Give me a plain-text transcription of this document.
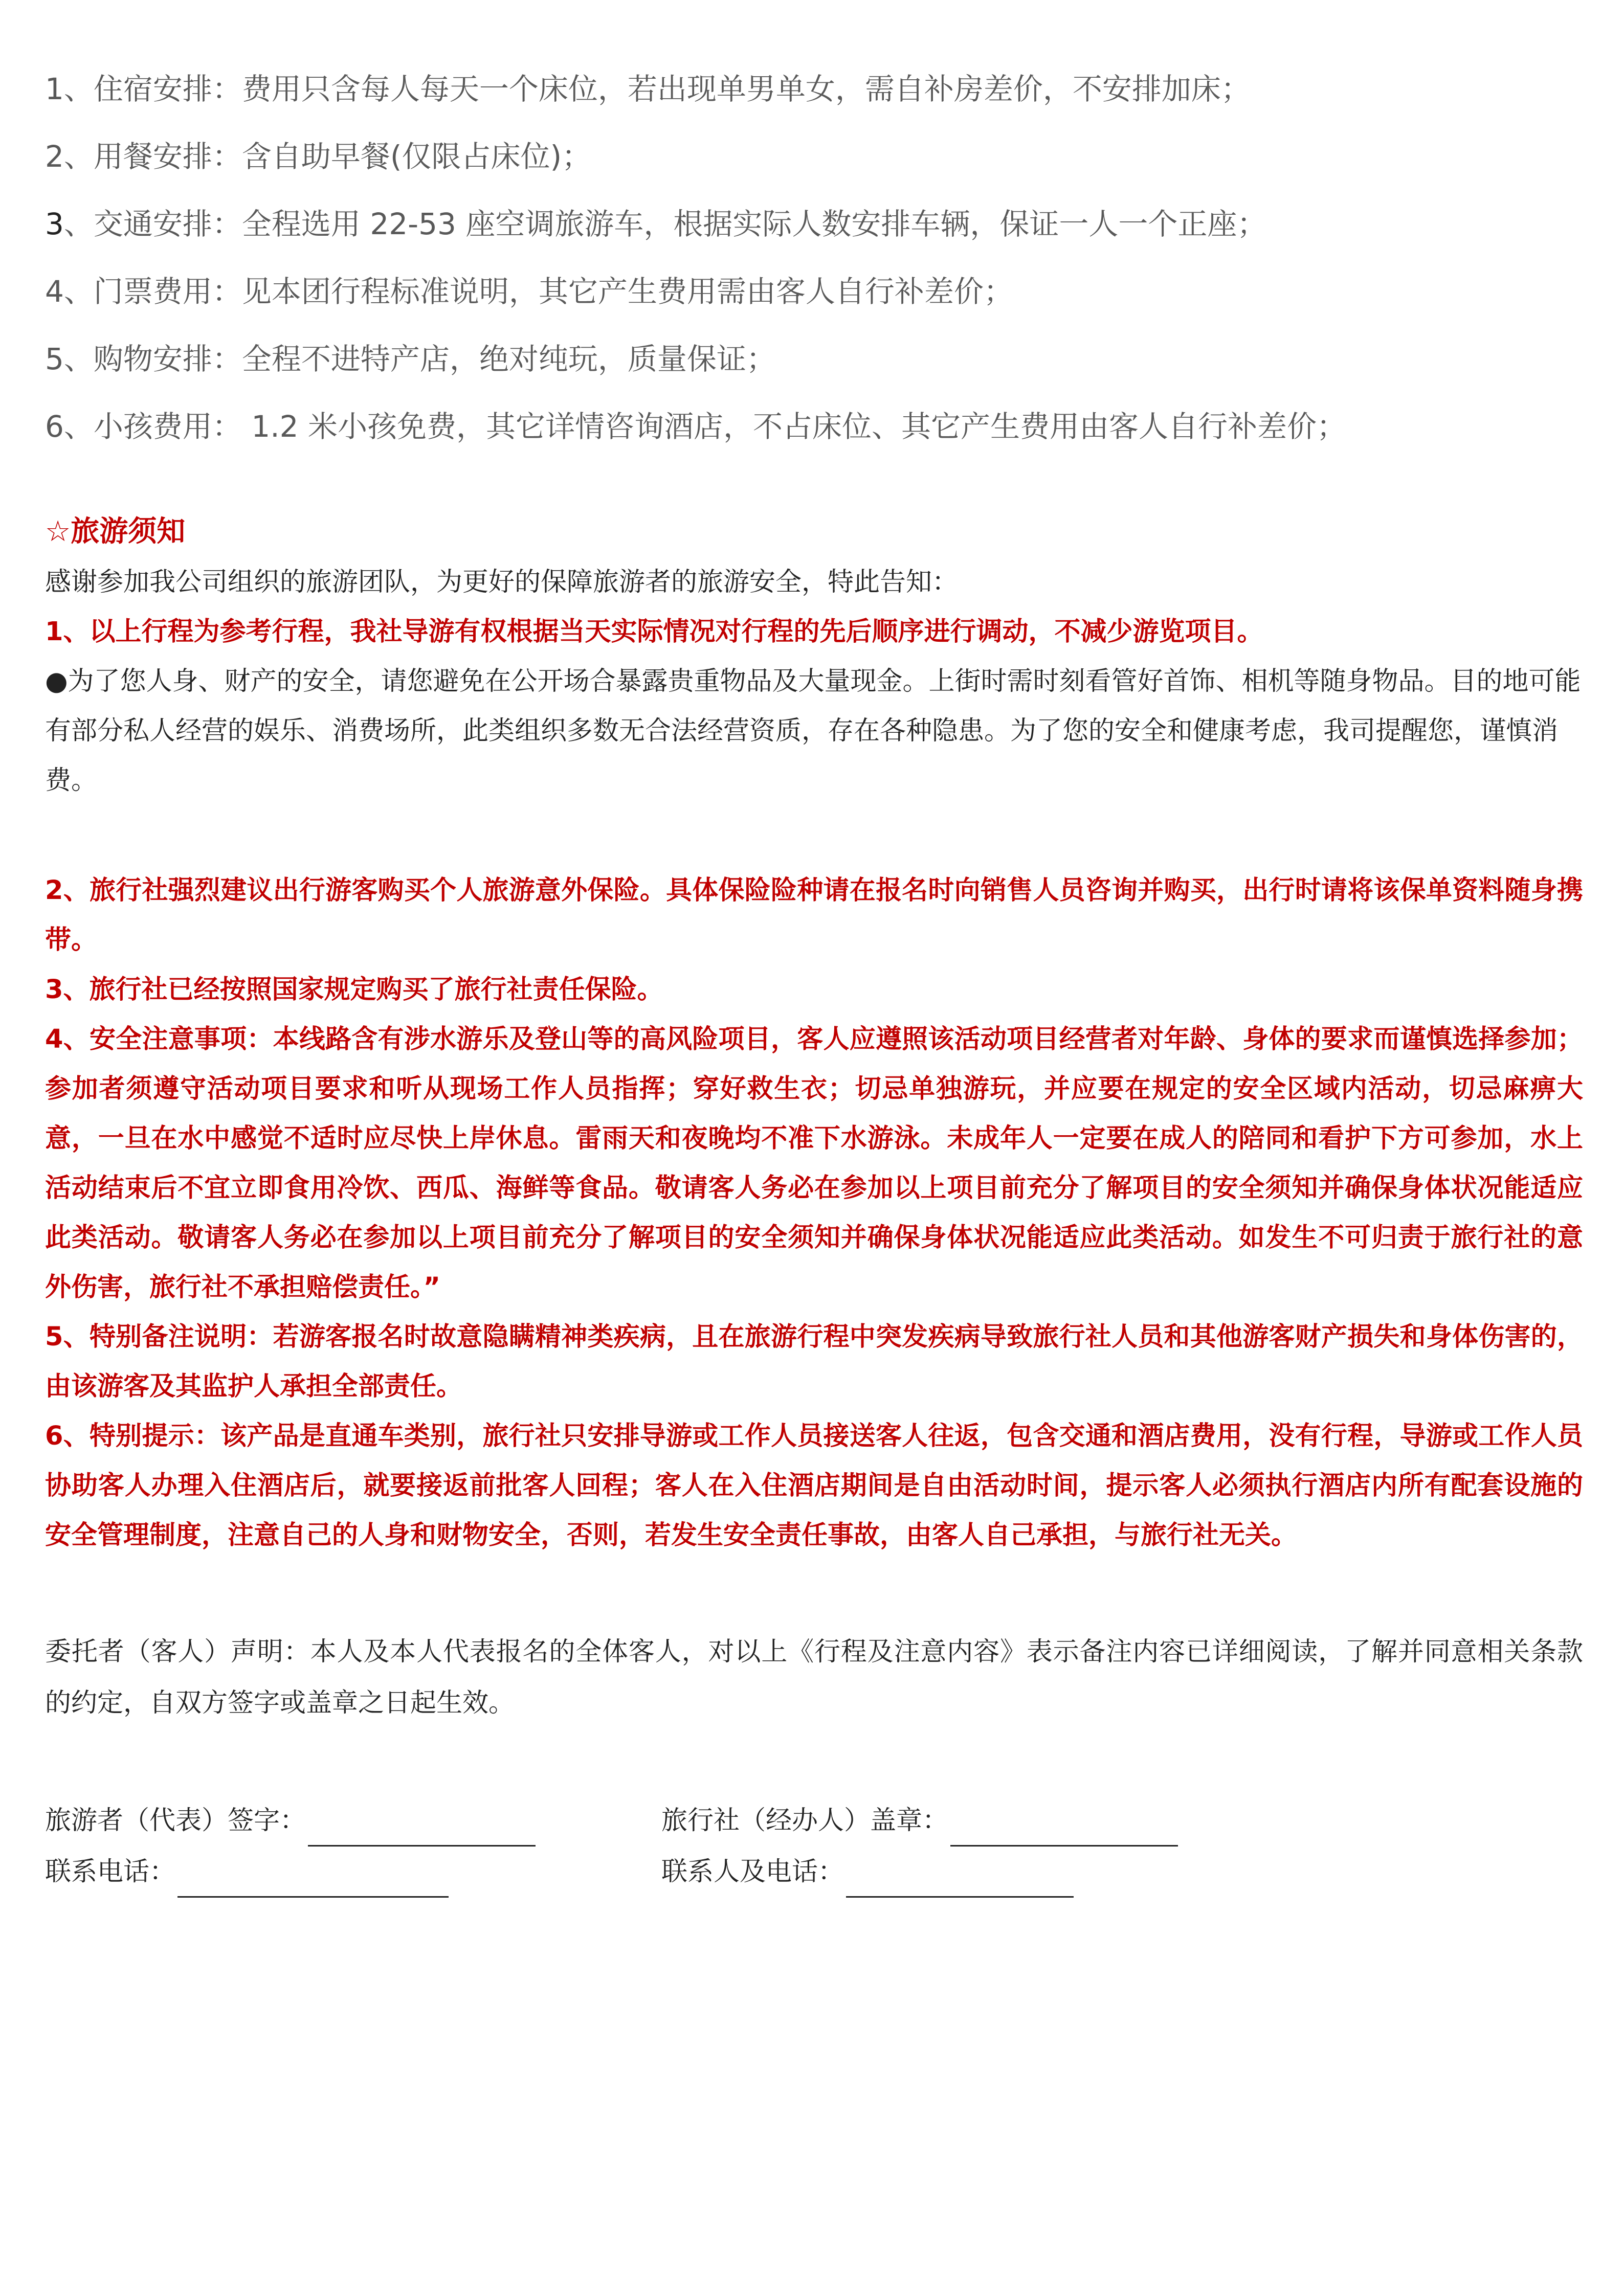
1、住宿安排：费用只含每人每天一个床位，若出现单男单女，需自补房差价，不安排加床；
2、用餐安排：含自助早餐(仅限占床位)；
3、交通安排：全程选用 22-53 座空调旅游车，根据实际人数安排车辆，保证一人一个正座；
4、门票费用：见本团行程标准说明，其它产生费用需由客人自行补差价；
5、购物安排：全程不进特产店，绝对纯玩，质量保证；
6、小孩费用： 1.2 米小孩免费，其它详情咨询酒店，不占床位、其它产生费用由客人自行补差价；
☆旅游须知
感谢参加我公司组织的旅游团队，为更好的保障旅游者的旅游安全，特此告知：
1、以上行程为参考行程，我社导游有权根据当天实际情况对行程的先后顺序进行调动，不减少游览项目。
●为了您人身、财产的安全，请您避免在公开场合暴露贵重物品及大量现金。上街时需时刻看管好首饰、相机等随身物品。目的地可能有部分私人经营的娱乐、消费场所，此类组织多数无合法经营资质，存在各种隐患。为了您的安全和健康考虑，我司提醒您，谨慎消费。
2、旅行社强烈建议出行游客购买个人旅游意外保险。具体保险险种请在报名时向销售人员咨询并购买，出行时请将该保单资料随身携带。
3、旅行社已经按照国家规定购买了旅行社责任保险。
4、安全注意事项：本线路含有涉水游乐及登山等的高风险项目，客人应遵照该活动项目经营者对年龄、身体的要求而谨慎选择参加；参加者须遵守活动项目要求和听从现场工作人员指挥；穿好救生衣；切忌单独游玩，并应要在规定的安全区域内活动，切忌麻痹大意，一旦在水中感觉不适时应尽快上岸休息。雷雨天和夜晚均不准下水游泳。未成年人一定要在成人的陪同和看护下方可参加，水上活动结束后不宜立即食用冷饮、西瓜、海鲜等食品。敬请客人务必在参加以上项目前充分了解项目的安全须知并确保身体状况能适应此类活动。敬请客人务必在参加以上项目前充分了解项目的安全须知并确保身体状况能适应此类活动。如发生不可归责于旅行社的意外伤害，旅行社不承担赔偿责任。”
5、特别备注说明：若游客报名时故意隐瞒精神类疾病，且在旅游行程中突发疾病导致旅行社人员和其他游客财产损失和身体伤害的，由该游客及其监护人承担全部责任。
6、特别提示：该产品是直通车类别，旅行社只安排导游或工作人员接送客人往返，包含交通和酒店费用，没有行程，导游或工作人员协助客人办理入住酒店后，就要接返前批客人回程；客人在入住酒店期间是自由活动时间，提示客人必须执行酒店内所有配套设施的安全管理制度，注意自己的人身和财物安全，否则，若发生安全责任事故，由客人自己承担，与旅行社无关。
委托者（客人）声明：本人及本人代表报名的全体客人，对以上《行程及注意内容》表示备注内容已详细阅读，了解并同意相关条款的约定，自双方签字或盖章之日起生效。
旅游者（代表）签字：	旅行社（经办人）盖章：
联系电话：	联系人及电话：
